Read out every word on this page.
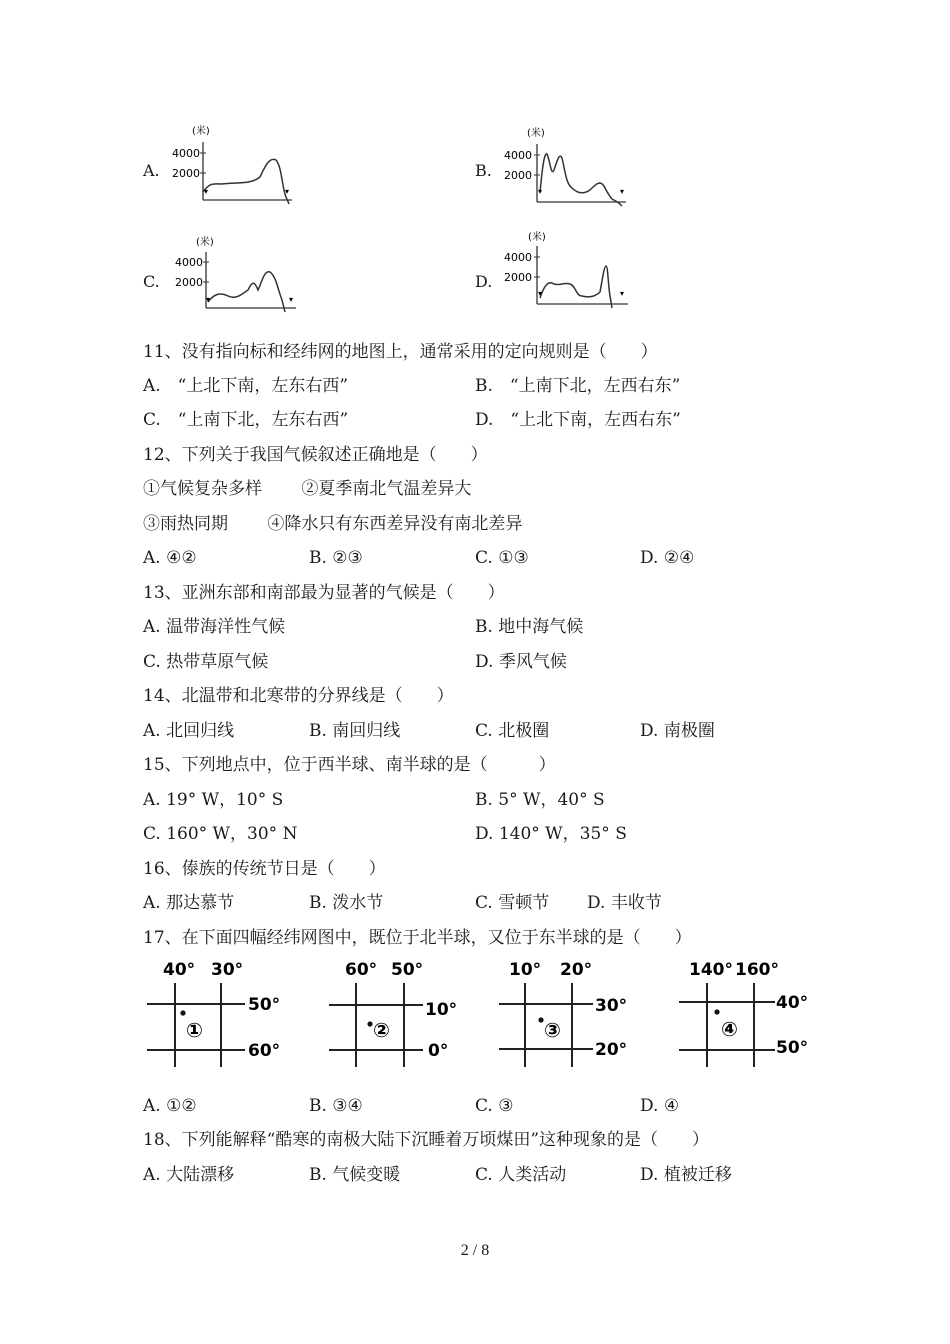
A.
(米)
4000
2000
▾	▾
B.
(米)
4000
2000
▾	▾
C.
(米)
4000
2000
▾	▾
D.
(米)
4000
2000
▾	▾
11、没有指向标和经纬网的地图上，通常采用的定向规则是（　　）
A.　“上北下南，左东右西”	B.　“上南下北，左西右东”
C.　“上南下北，左东右西”	D.　“上北下南，左西右东”
12、下列关于我国气候叙述正确地是（　　）
①气候复杂多样　　 ②夏季南北气温差异大
③雨热同期　　 ④降水只有东西差异没有南北差异
A. ④②	B. ②③	C. ①③	D. ②④
13、亚洲东部和南部最为显著的气候是（　　）
A. 温带海洋性气候	B. 地中海气候
C. 热带草原气候	D. 季风气候
14、北温带和北寒带的分界线是（　　）
A. 北回归线	B. 南回归线	C. 北极圈	D. 南极圈
15、下列地点中，位于西半球、南半球的是（　　　）
A. 19° W，10° S	B. 5° W，40° S
C. 160° W，30° N	D. 140° W，35° S
16、傣族的传统节日是（　　）
A. 那达慕节	B. 泼水节	C. 雪顿节 D. 丰收节
17、在下面四幅经纬网图中，既位于北半球，又位于东半球的是（　　）
40° 30°
50°
60°
①
60° 50°
10°
0°
②
10° 20°
30°
20°
③
140° 160°
40°
50°
④
A. ①②	B. ③④	C. ③	D. ④
18、下列能解释“酷寒的南极大陆下沉睡着万顷煤田”这种现象的是（　　）
A. 大陆漂移	B. 气候变暖	C. 人类活动	D. 植被迁移
2 / 8
